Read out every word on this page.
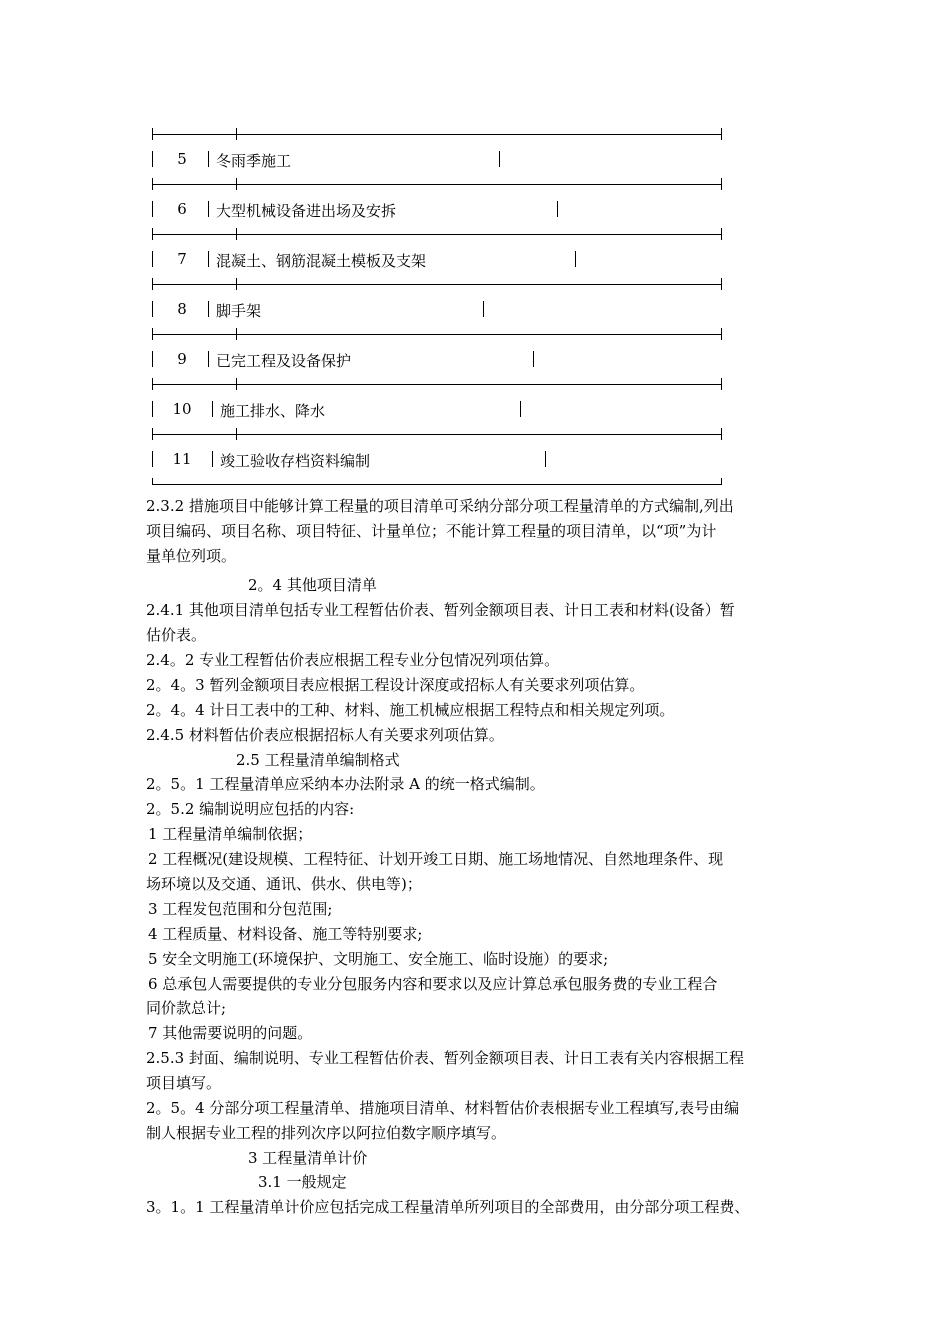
5	冬雨季施工
6	大型机械设备进出场及安拆
7	混凝土、钢筋混凝土模板及支架
8	脚手架
9	已完工程及设备保护
10	施工排水、降水
11	竣工验收存档资料编制
2.3.2 措施项目中能够计算工程量的项目清单可采纳分部分项工程量清单的方式编制,列出
项目编码、项目名称、项目特征、计量单位；不能计算工程量的项目清单，以“项”为计
量单位列项。
2。4 其他项目清单
2.4.1 其他项目清单包括专业工程暂估价表、暂列金额项目表、计日工表和材料(设备）暂
估价表。
2.4。2 专业工程暂估价表应根据工程专业分包情况列项估算。
2。4。3 暂列金额项目表应根据工程设计深度或招标人有关要求列项估算。
2。4。4 计日工表中的工种、材料、施工机械应根据工程特点和相关规定列项。
2.4.5 材料暂估价表应根据招标人有关要求列项估算。
2.5 工程量清单编制格式
2。5。1 工程量清单应采纳本办法附录 A 的统一格式编制。
2。5.2 编制说明应包括的内容:
1 工程量清单编制依据；
2 工程概况(建设规模、工程特征、计划开竣工日期、施工场地情况、自然地理条件、现
场环境以及交通、通讯、供水、供电等)；
3 工程发包范围和分包范围;
4 工程质量、材料设备、施工等特别要求;
5 安全文明施工(环境保护、文明施工、安全施工、临时设施）的要求;
6 总承包人需要提供的专业分包服务内容和要求以及应计算总承包服务费的专业工程合
同价款总计;
7 其他需要说明的问题。
2.5.3 封面、编制说明、专业工程暂估价表、暂列金额项目表、计日工表有关内容根据工程
项目填写。
2。5。4 分部分项工程量清单、措施项目清单、材料暂估价表根据专业工程填写,表号由编
制人根据专业工程的排列次序以阿拉伯数字顺序填写。
3 工程量清单计价
3.1 一般规定
3。1。1 工程量清单计价应包括完成工程量清单所列项目的全部费用，由分部分项工程费、
